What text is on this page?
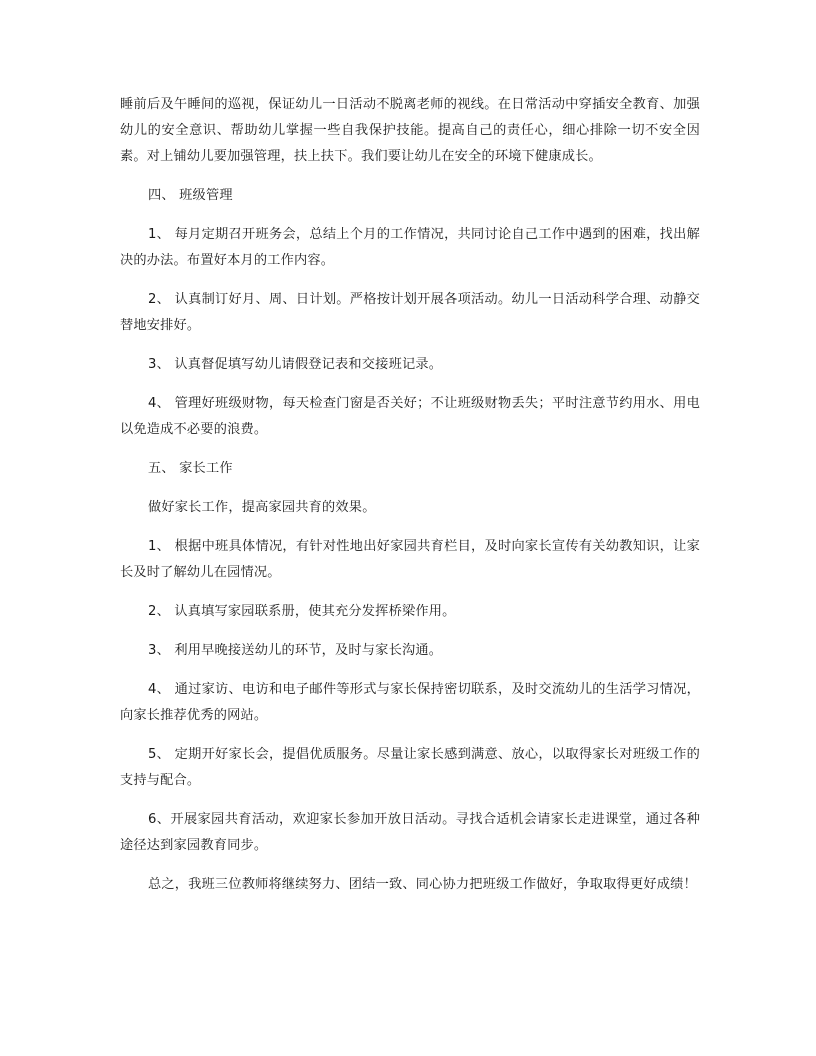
睡前后及午睡间的巡视，保证幼儿一日活动不脱离老师的视线。在日常活动中穿插安全教育、加强幼儿的安全意识、帮助幼儿掌握一些自我保护技能。提高自己的责任心，细心排除一切不安全因素。对上铺幼儿要加强管理，扶上扶下。我们要让幼儿在安全的环境下健康成长。

四、 班级管理

1、 每月定期召开班务会，总结上个月的工作情况，共同讨论自己工作中遇到的困难，找出解决的办法。布置好本月的工作内容。

2、 认真制订好月、周、日计划。严格按计划开展各项活动。幼儿一日活动科学合理、动静交替地安排好。

3、 认真督促填写幼儿请假登记表和交接班记录。

4、 管理好班级财物，每天检查门窗是否关好；不让班级财物丢失；平时注意节约用水、用电以免造成不必要的浪费。

五、 家长工作

做好家长工作，提高家园共育的效果。

1、 根据中班具体情况，有针对性地出好家园共育栏目，及时向家长宣传有关幼教知识，让家长及时了解幼儿在园情况。

2、 认真填写家园联系册，使其充分发挥桥梁作用。

3、 利用早晚接送幼儿的环节，及时与家长沟通。

4、 通过家访、电访和电子邮件等形式与家长保持密切联系，及时交流幼儿的生活学习情况，向家长推荐优秀的网站。

5、 定期开好家长会，提倡优质服务。尽量让家长感到满意、放心，以取得家长对班级工作的支持与配合。

6、开展家园共育活动，欢迎家长参加开放日活动。寻找合适机会请家长走进课堂，通过各种途径达到家园教育同步。

总之，我班三位教师将继续努力、团结一致、同心协力把班级工作做好，争取取得更好成绩！
